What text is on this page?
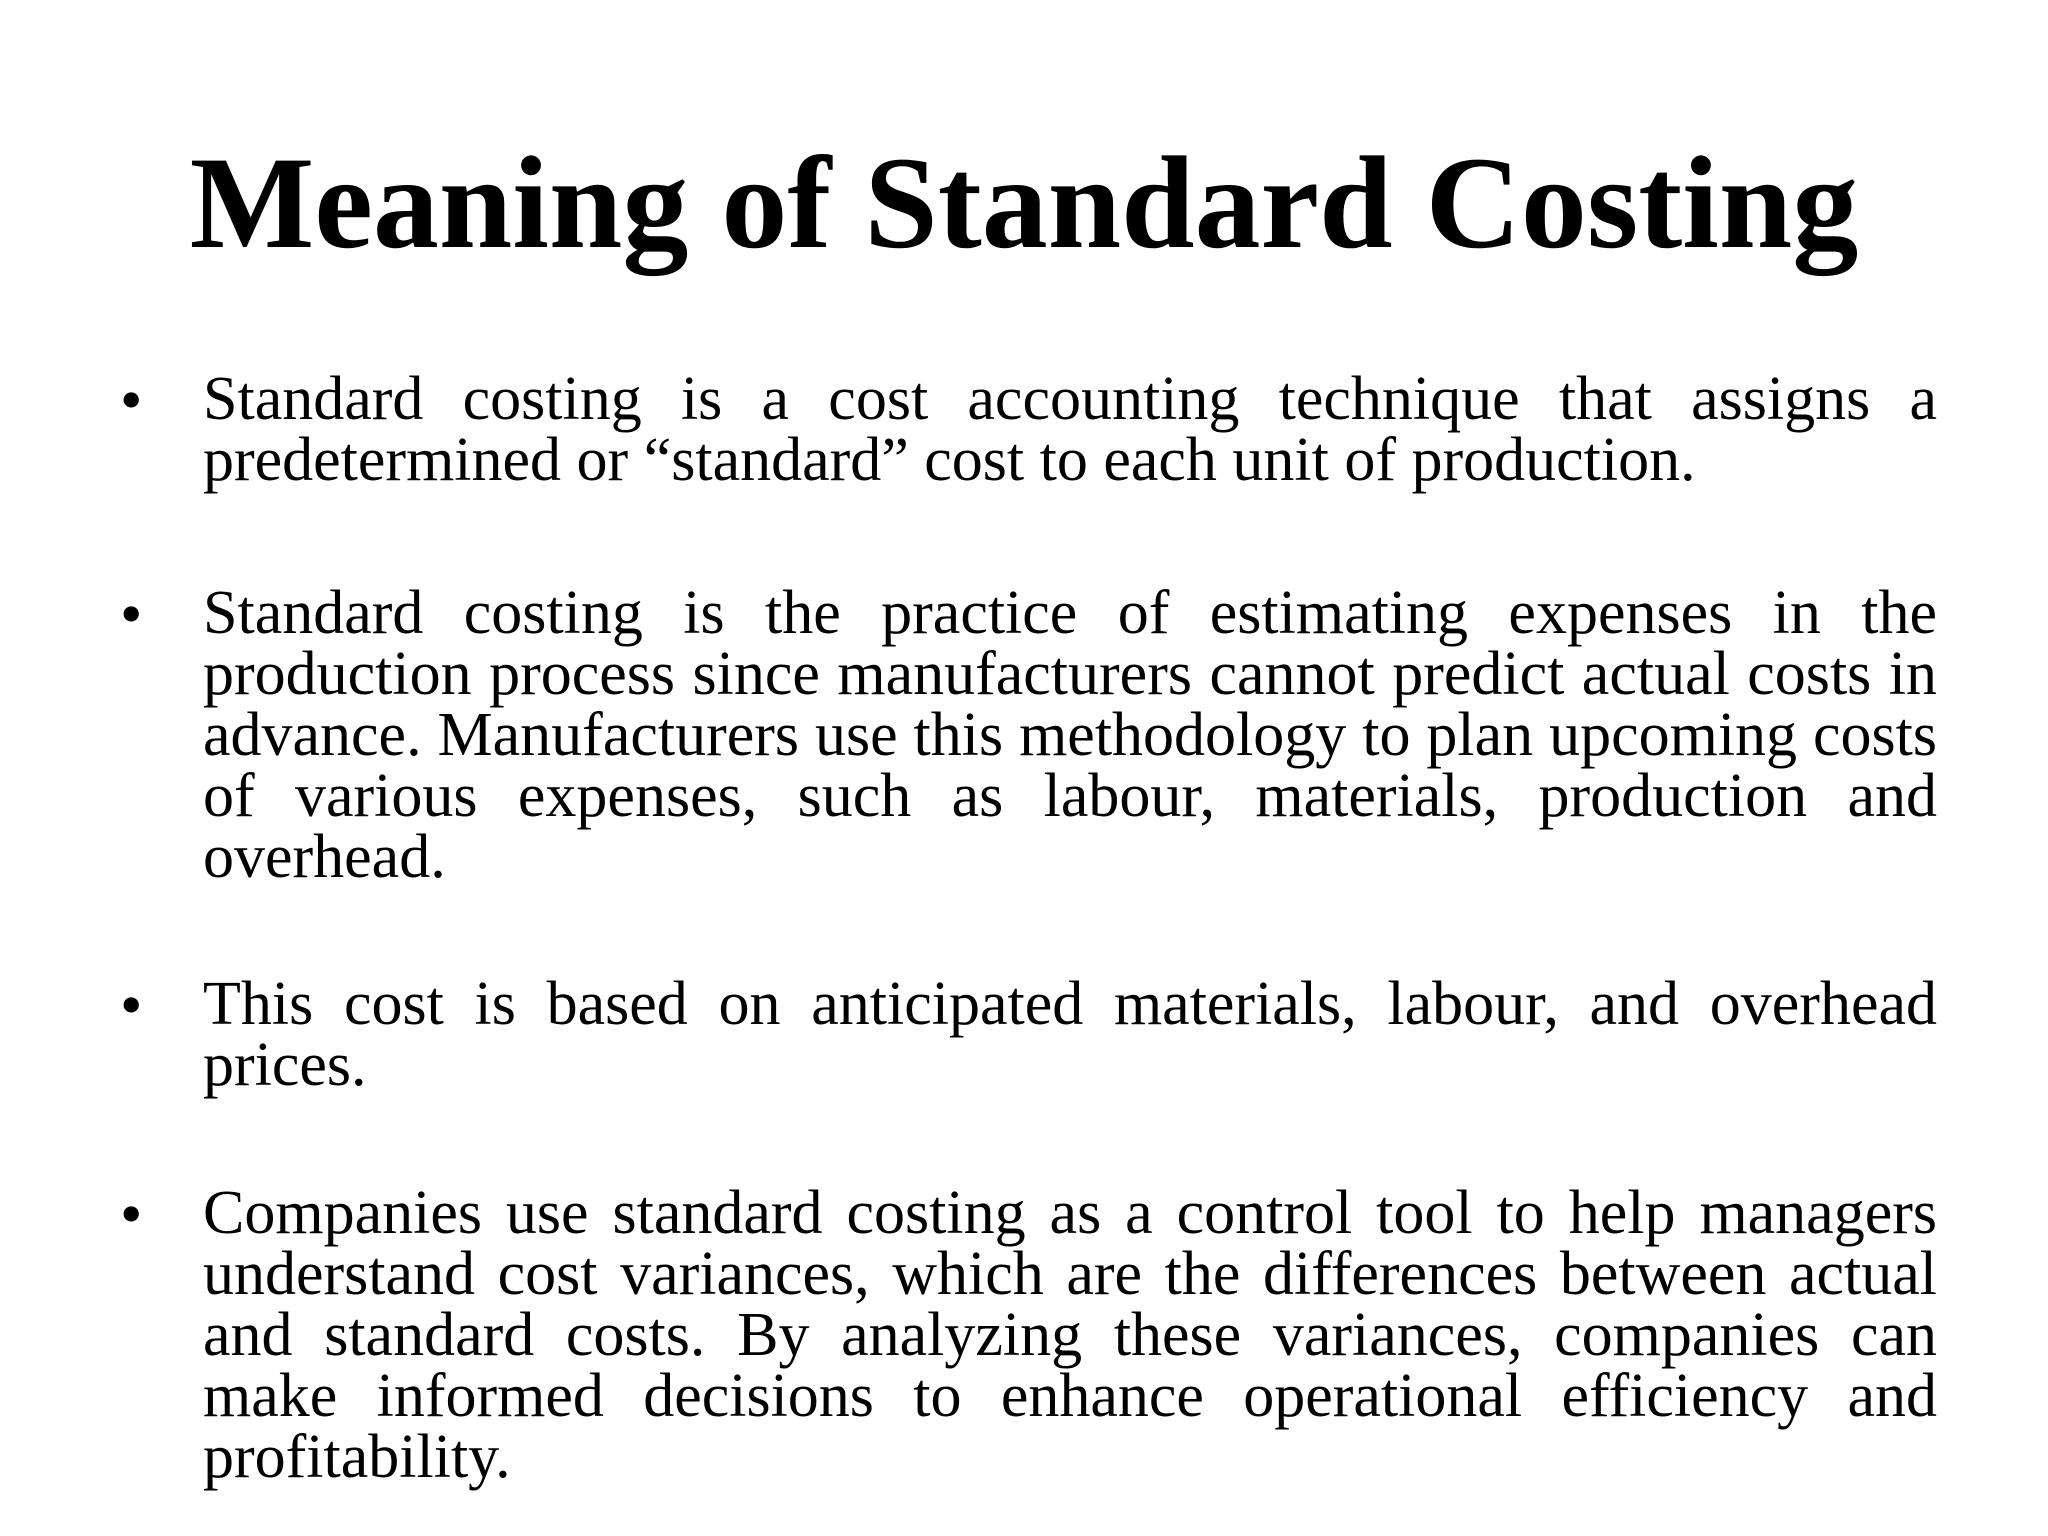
Meaning of Standard Costing
• Standard costing is a cost accounting technique that assigns a predetermined or “standard” cost to each unit of production.
• Standard costing is the practice of estimating expenses in the production process since manufacturers cannot predict actual costs in advance. Manufacturers use this methodology to plan upcoming costs of various expenses, such as labour, materials, production and overhead.
• This cost is based on anticipated materials, labour, and overhead prices.
• Companies use standard costing as a control tool to help managers understand cost variances, which are the differences between actual and standard costs. By analyzing these variances, companies can make informed decisions to enhance operational efficiency and profitability.
